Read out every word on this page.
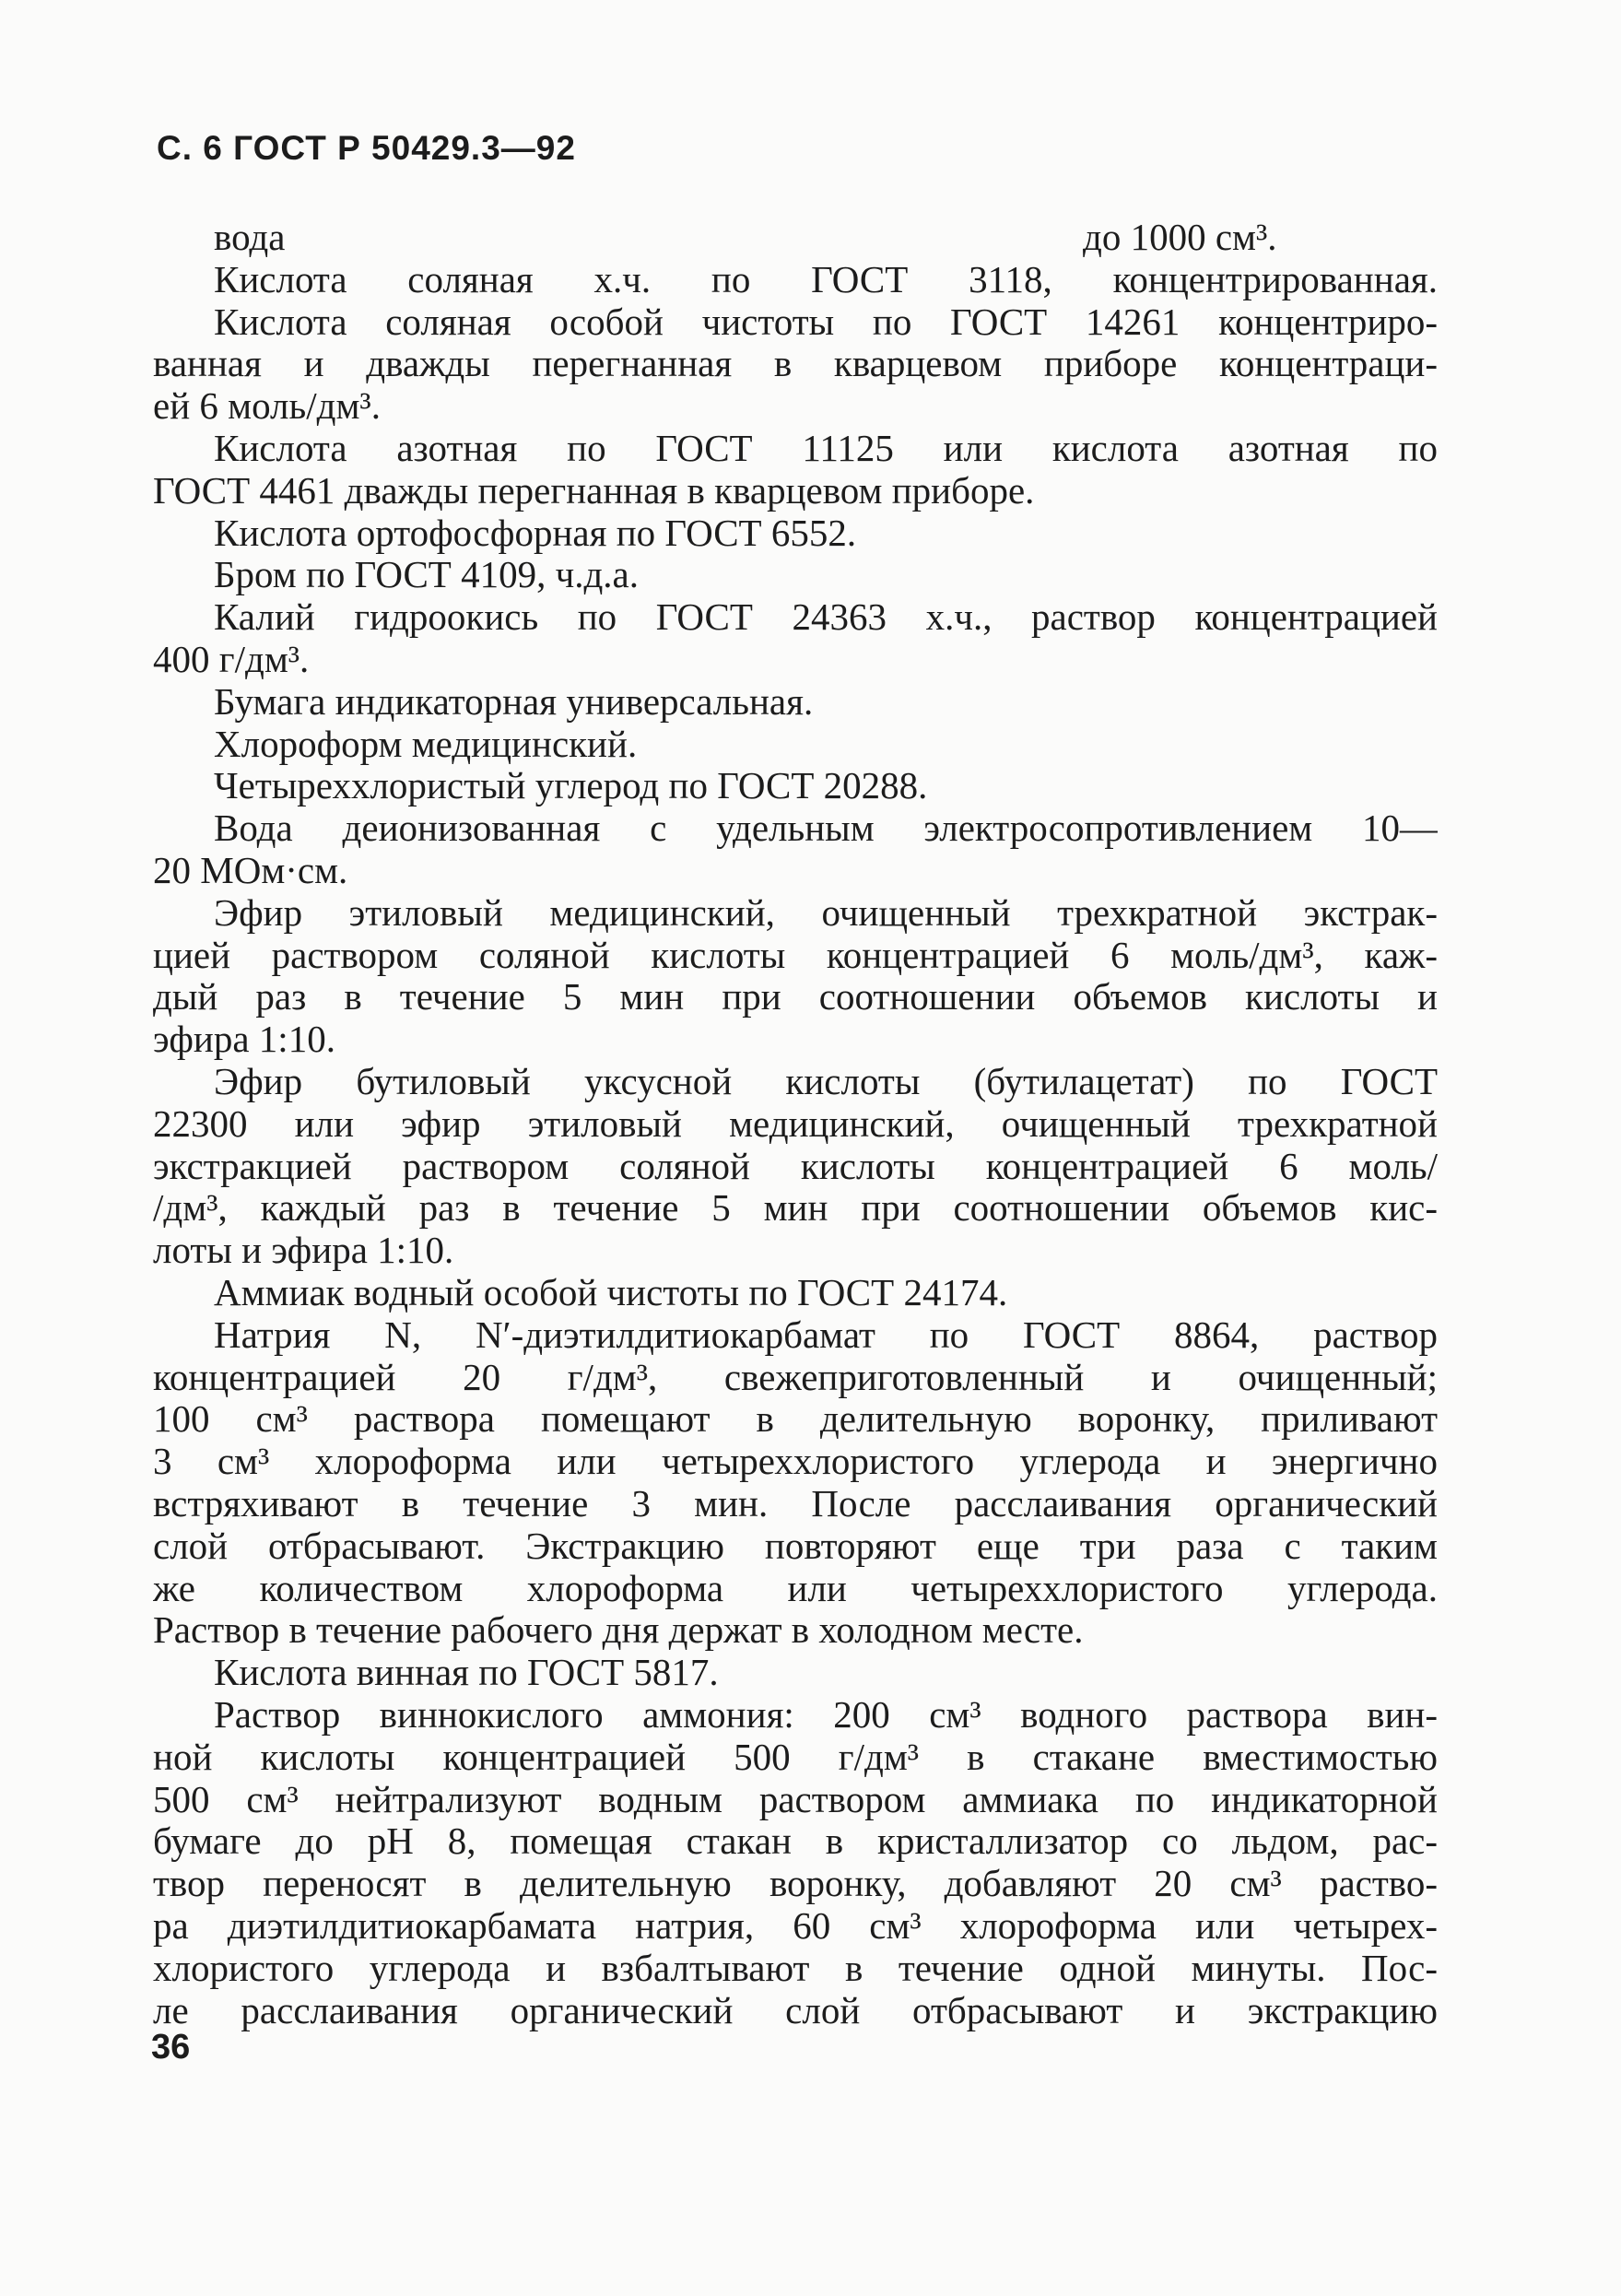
С. 6 ГОСТ Р 50429.3—92
вода	до 1000 см³.
Кислота соляная х.ч. по ГОСТ 3118, концентрированная.
Кислота соляная особой чистоты по ГОСТ 14261 концентриро-
ванная и дважды перегнанная в кварцевом приборе концентраци-
ей 6 моль/дм³.
Кислота азотная по ГОСТ 11125 или кислота азотная по
ГОСТ 4461 дважды перегнанная в кварцевом приборе.
Кислота ортофосфорная по ГОСТ 6552.
Бром по ГОСТ 4109, ч.д.а.
Калий гидроокись по ГОСТ 24363 х.ч., раствор концентрацией
400 г/дм³.
Бумага индикаторная универсальная.
Хлороформ медицинский.
Четыреххлористый углерод по ГОСТ 20288.
Вода деионизованная с удельным электросопротивлением 10—
20 МОм·см.
Эфир этиловый медицинский, очищенный трехкратной экстрак-
цией раствором соляной кислоты концентрацией 6 моль/дм³, каж-
дый раз в течение 5 мин при соотношении объемов кислоты и
эфира 1:10.
Эфир бутиловый уксусной кислоты (бутилацетат) по ГОСТ
22300 или эфир этиловый медицинский, очищенный трехкратной
экстракцией раствором соляной кислоты концентрацией 6 моль/
/дм³, каждый раз в течение 5 мин при соотношении объемов кис-
лоты и эфира 1:10.
Аммиак водный особой чистоты по ГОСТ 24174.
Натрия N, N′-диэтилдитиокарбамат по ГОСТ 8864, раствор
концентрацией 20 г/дм³, свежеприготовленный и очищенный;
100 см³ раствора помещают в делительную воронку, приливают
3 см³ хлороформа или четыреххлористого углерода и энергично
встряхивают в течение 3 мин. После расслаивания органический
слой отбрасывают. Экстракцию повторяют еще три раза с таким
же количеством хлороформа или четыреххлористого углерода.
Раствор в течение рабочего дня держат в холодном месте.
Кислота винная по ГОСТ 5817.
Раствор виннокислого аммония: 200 см³ водного раствора вин-
ной кислоты концентрацией 500 г/дм³ в стакане вместимостью
500 см³ нейтрализуют водным раствором аммиака по индикаторной
бумаге до рН 8, помещая стакан в кристаллизатор со льдом, рас-
твор переносят в делительную воронку, добавляют 20 см³ раство-
ра диэтилдитиокарбамата натрия, 60 см³ хлороформа или четырех-
хлористого углерода и взбалтывают в течение одной минуты. Пос-
ле расслаивания органический слой отбрасывают и экстракцию
36
